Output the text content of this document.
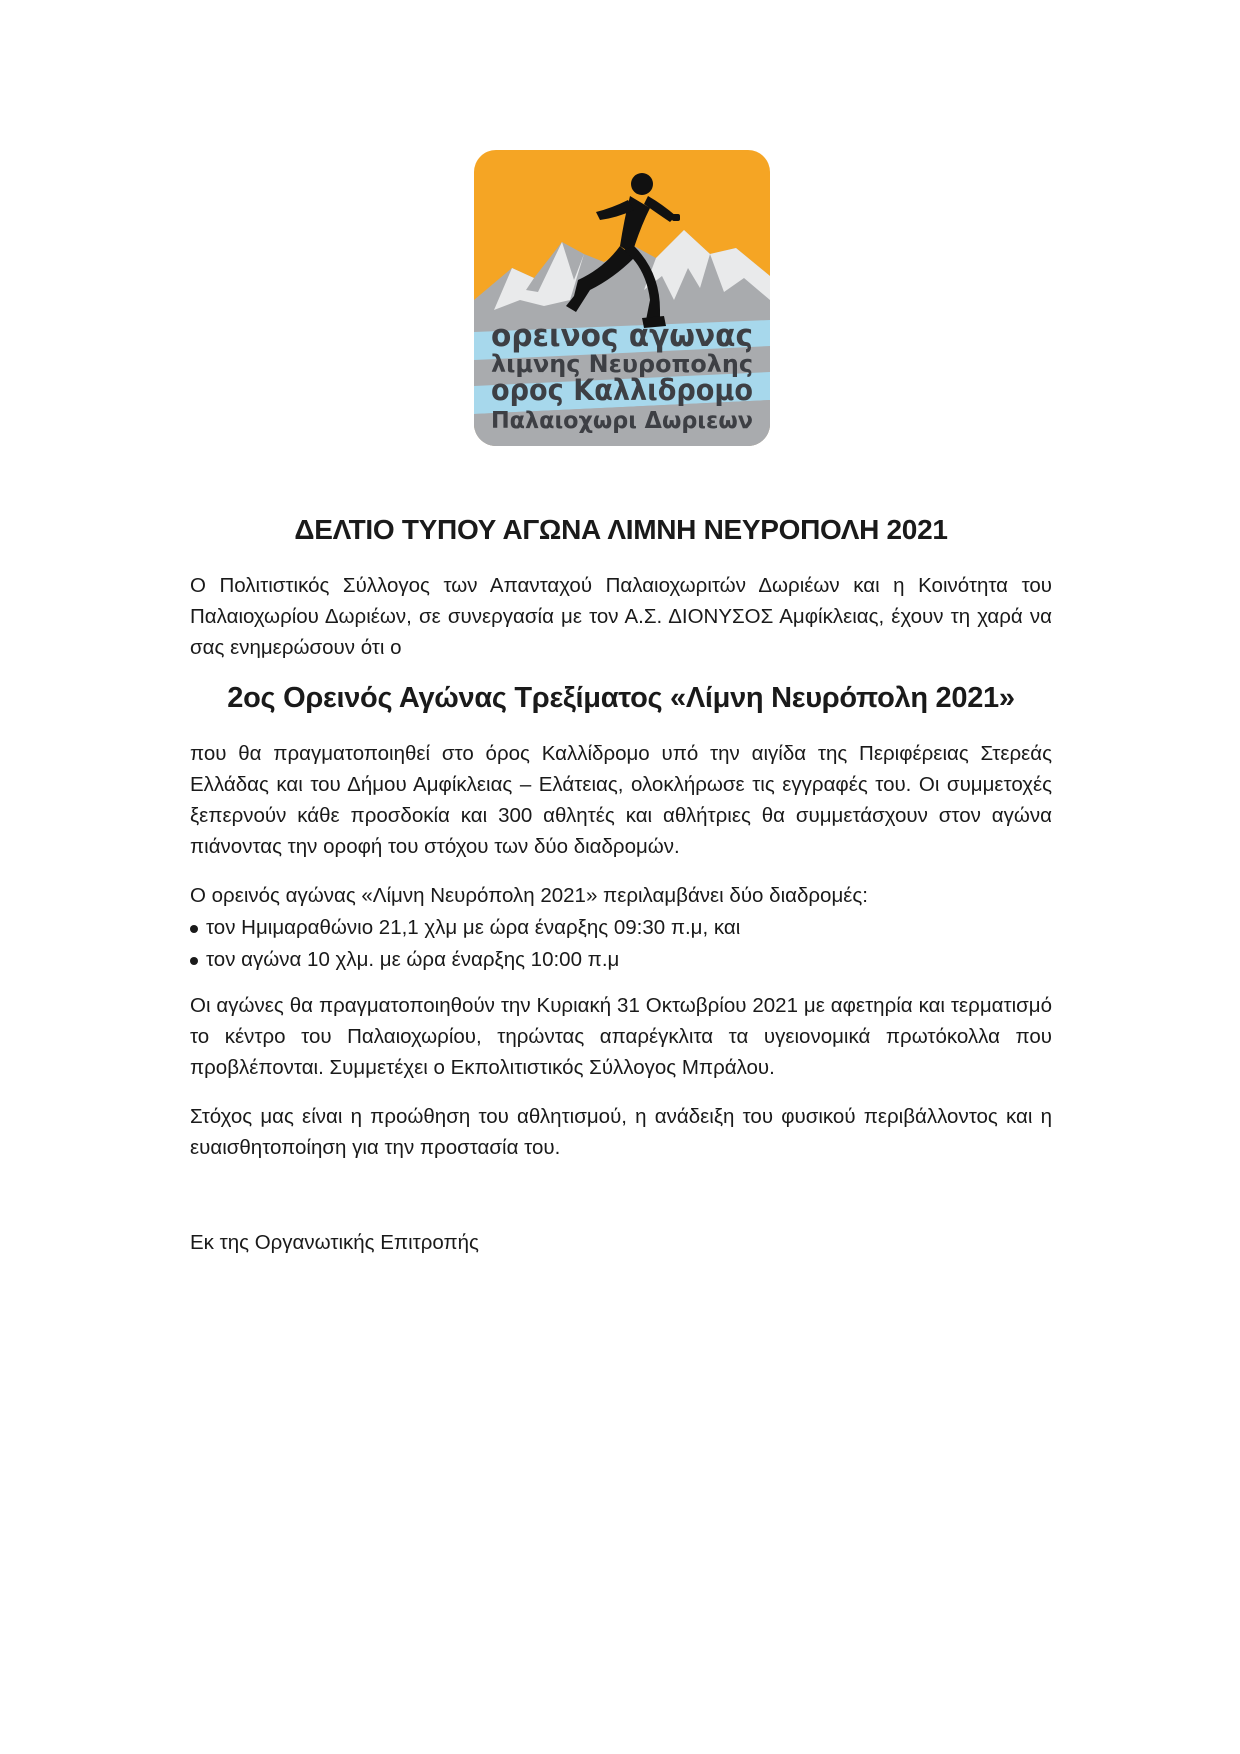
ορεινος αγωνας
λιμνης Νευροπολης
ορος Καλλιδρομο
Παλαιοχωρι Δωριεων
ΔΕΛΤΙΟ ΤΥΠΟΥ ΑΓΩΝΑ ΛΙΜΝΗ ΝΕΥΡΟΠΟΛΗ 2021

Ο Πολιτιστικός Σύλλογος των Απανταχού Παλαιοχωριτών Δωριέων και η Κοινότητα του Παλαιοχωρίου Δωριέων, σε συνεργασία με τον Α.Σ. ΔΙΟΝΥΣΟΣ Αμφίκλειας, έχουν τη χαρά να σας ενημερώσουν ότι ο

2ος Ορεινός Αγώνας Τρεξίματος «Λίμνη Νευρόπολη 2021»

που θα πραγματοποιηθεί στο όρος Καλλίδρομο υπό την αιγίδα της Περιφέρειας Στερεάς Ελλάδας και του Δήμου Αμφίκλειας – Ελάτειας, ολοκλήρωσε τις εγγραφές του. Οι συμμετοχές ξεπερνούν κάθε προσδοκία και 300 αθλητές και αθλήτριες θα συμμετάσχουν στον αγώνα πιάνοντας την οροφή του στόχου των δύο διαδρομών.

Ο ορεινός αγώνας «Λίμνη Νευρόπολη 2021» περιλαμβάνει δύο διαδρομές:

τον Ημιμαραθώνιο 21,1 χλμ με ώρα έναρξης 09:30 π.μ, και
τον αγώνα 10 χλμ. με ώρα έναρξης 10:00 π.μ

Οι αγώνες θα πραγματοποιηθούν την Κυριακή 31 Οκτωβρίου 2021 με αφετηρία και τερματισμό το κέντρο του Παλαιοχωρίου, τηρώντας απαρέγκλιτα τα υγειονομικά πρωτόκολλα που προβλέπονται. Συμμετέχει ο Εκπολιτιστικός Σύλλογος Μπράλου.

Στόχος μας είναι η προώθηση του αθλητισμού, η ανάδειξη του φυσικού περιβάλλοντος και η ευαισθητοποίηση για την προστασία του.

Εκ της Οργανωτικής Επιτροπής
